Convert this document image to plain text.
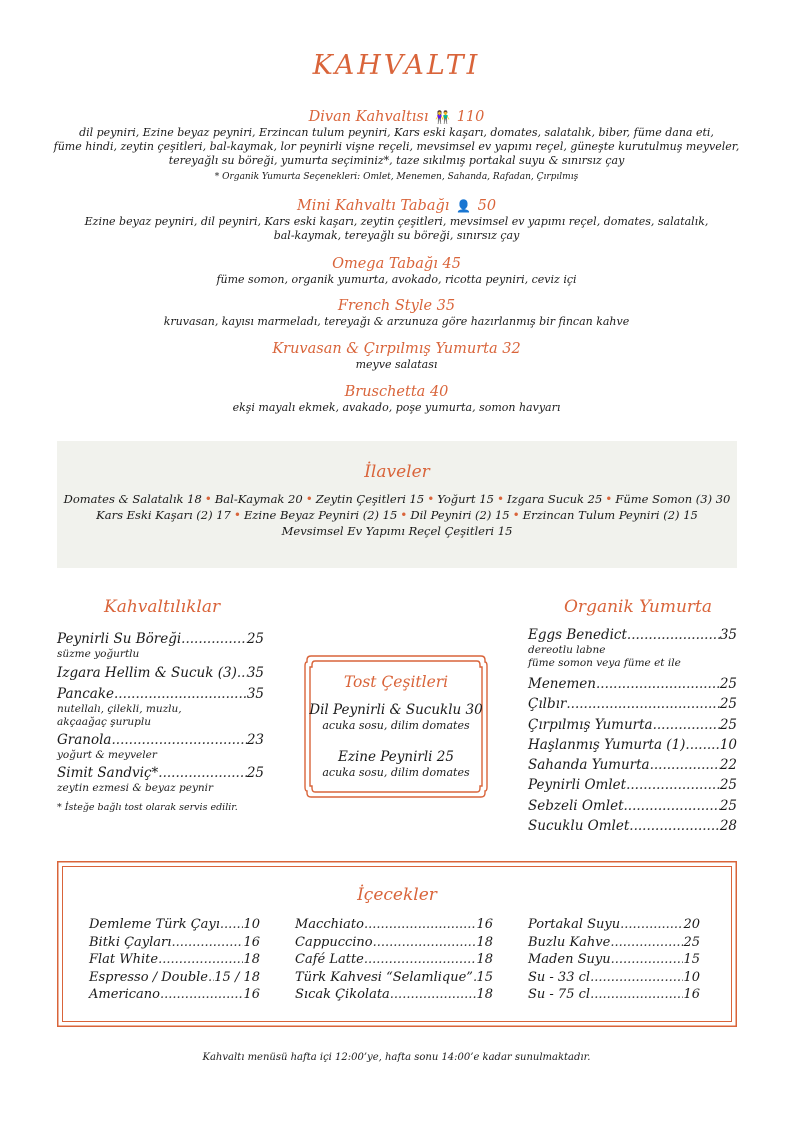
KAHVALTI
Divan Kahvaltısı 👫 110
dil peyniri, Ezine beyaz peyniri, Erzincan tulum peyniri, Kars eski kaşarı, domates, salatalık, biber, füme dana eti,
füme hindi, zeytin çeşitleri, bal-kaymak, lor peynirli vişne reçeli, mevsimsel ev yapımı reçel, güneşte kurutulmuş meyveler,
tereyağlı su böreği, yumurta seçiminiz*, taze sıkılmış portakal suyu & sınırsız çay
* Organik Yumurta Seçenekleri: Omlet, Menemen, Sahanda, Rafadan, Çırpılmış
Mini Kahvaltı Tabağı 👤 50
Ezine beyaz peyniri, dil peyniri, Kars eski kaşarı, zeytin çeşitleri, mevsimsel ev yapımı reçel, domates, salatalık,
bal-kaymak, tereyağlı su böreği, sınırsız çay
Omega Tabağı 45
füme somon, organik yumurta, avokado, ricotta peyniri, ceviz içi
French Style 35
kruvasan, kayısı marmeladı, tereyağı & arzunuza göre hazırlanmış bir fincan kahve
Kruvasan & Çırpılmış Yumurta 32
meyve salatası
Bruschetta 40
ekşi mayalı ekmek, avakado, poşe yumurta, somon havyarı
İlaveler
Domates & Salatalık 18 • Bal-Kaymak 20 • Zeytin Çeşitleri 15 • Yoğurt 15 • Izgara Sucuk 25 • Füme Somon (3) 30
Kars Eski Kaşarı (2) 17 • Ezine Beyaz Peyniri (2) 15 • Dil Peyniri (2) 15 • Erzincan Tulum Peyniri (2) 15
Mevsimsel Ev Yapımı Reçel Çeşitleri 15
Kahvaltılıklar
Peynirli Su Böreği .....	25
süzme yoğurtlu
Izgara Hellim & Sucuk (3) ..... 35
Pancake .....	35
nutellalı, çilekli, muzlu,
akçaağaç şuruplu
Granola .....	23
yoğurt & meyveler
Simit Sandviç* .....	25
zeytin ezmesi & beyaz peynir
* İsteğe bağlı tost olarak servis edilir.
Tost Çeşitleri
Dil Peynirli & Sucuklu 30
acuka sosu, dilim domates
Ezine Peynirli 25
acuka sosu, dilim domates
Organik Yumurta
Eggs Benedict .....	35
dereotlu labne
füme somon veya füme et ile
Menemen .....	25
Çılbır .....	25
Çırpılmış Yumurta .....	25
Haşlanmış Yumurta (1) .....	10
Sahanda Yumurta .....	22
Peynirli Omlet .....	25
Sebzeli Omlet .....	25
Sucuklu Omlet .....	28
İçecekler
Demleme Türk Çayı ..... 10
Bitki Çayları .....	16
Flat White .....	18
Espresso / Double ..... 15 / 18
Americano .....	16
Macchiato .....	16
Cappuccino .....	18
Café Latte .....	18
Türk Kahvesi “Selamlique” ..... 15
Sıcak Çikolata .....	18
Portakal Suyu .....	20
Buzlu Kahve .....	25
Maden Suyu .....	15
Su - 33 cl .....	10
Su - 75 cl .....	16
Kahvaltı menüsü hafta içi 12:00’ye, hafta sonu 14:00’e kadar sunulmaktadır.
